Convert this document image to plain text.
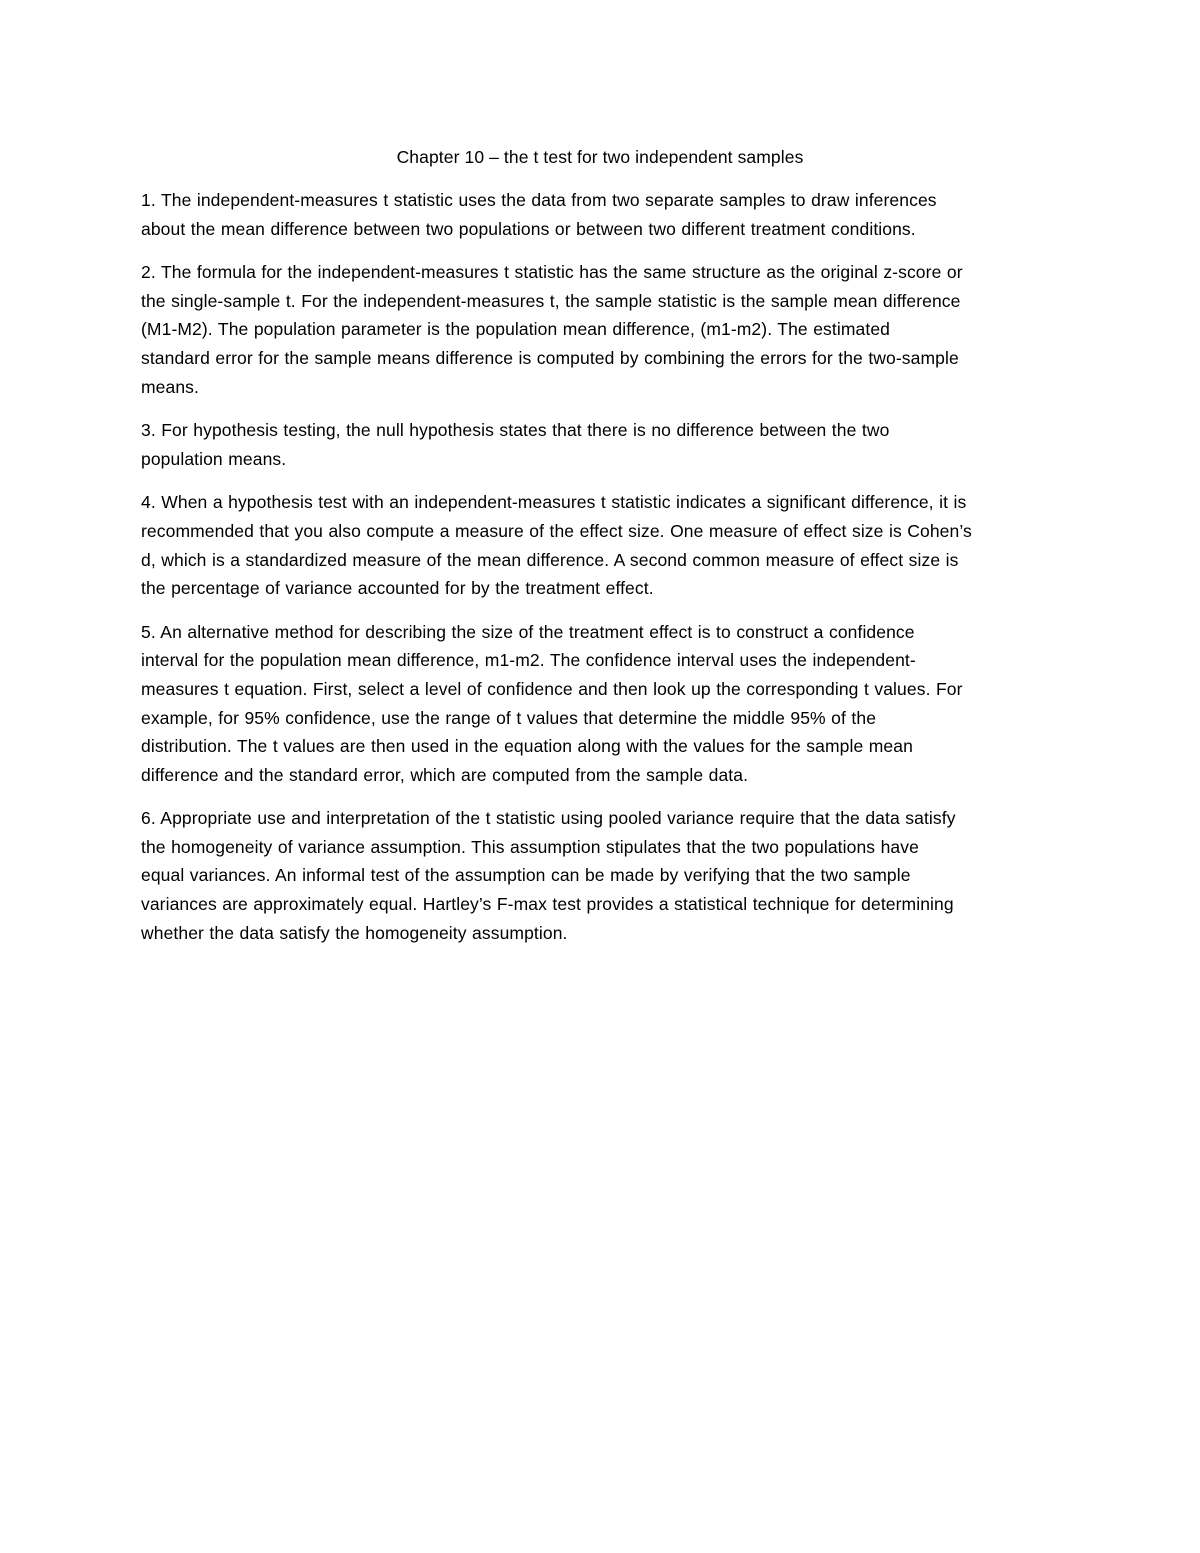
Chapter 10 – the t test for two independent samples

1. The independent-measures t statistic uses the data from two separate samples to draw inferences
about the mean difference between two populations or between two different treatment conditions.

2. The formula for the independent-measures t statistic has the same structure as the original z-score or
the single-sample t. For the independent-measures t, the sample statistic is the sample mean difference
(M1-M2). The population parameter is the population mean difference, (m1-m2). The estimated
standard error for the sample means difference is computed by combining the errors for the two-sample
means.

3. For hypothesis testing, the null hypothesis states that there is no difference between the two
population means.

4. When a hypothesis test with an independent-measures t statistic indicates a significant difference, it is
recommended that you also compute a measure of the effect size. One measure of effect size is Cohen’s
d, which is a standardized measure of the mean difference. A second common measure of effect size is
the percentage of variance accounted for by the treatment effect.

5. An alternative method for describing the size of the treatment effect is to construct a confidence
interval for the population mean difference, m1-m2. The confidence interval uses the independent-
measures t equation. First, select a level of confidence and then look up the corresponding t values. For
example, for 95% confidence, use the range of t values that determine the middle 95% of the
distribution. The t values are then used in the equation along with the values for the sample mean
difference and the standard error, which are computed from the sample data.

6. Appropriate use and interpretation of the t statistic using pooled variance require that the data satisfy
the homogeneity of variance assumption. This assumption stipulates that the two populations have
equal variances. An informal test of the assumption can be made by verifying that the two sample
variances are approximately equal. Hartley’s F-max test provides a statistical technique for determining
whether the data satisfy the homogeneity assumption.
